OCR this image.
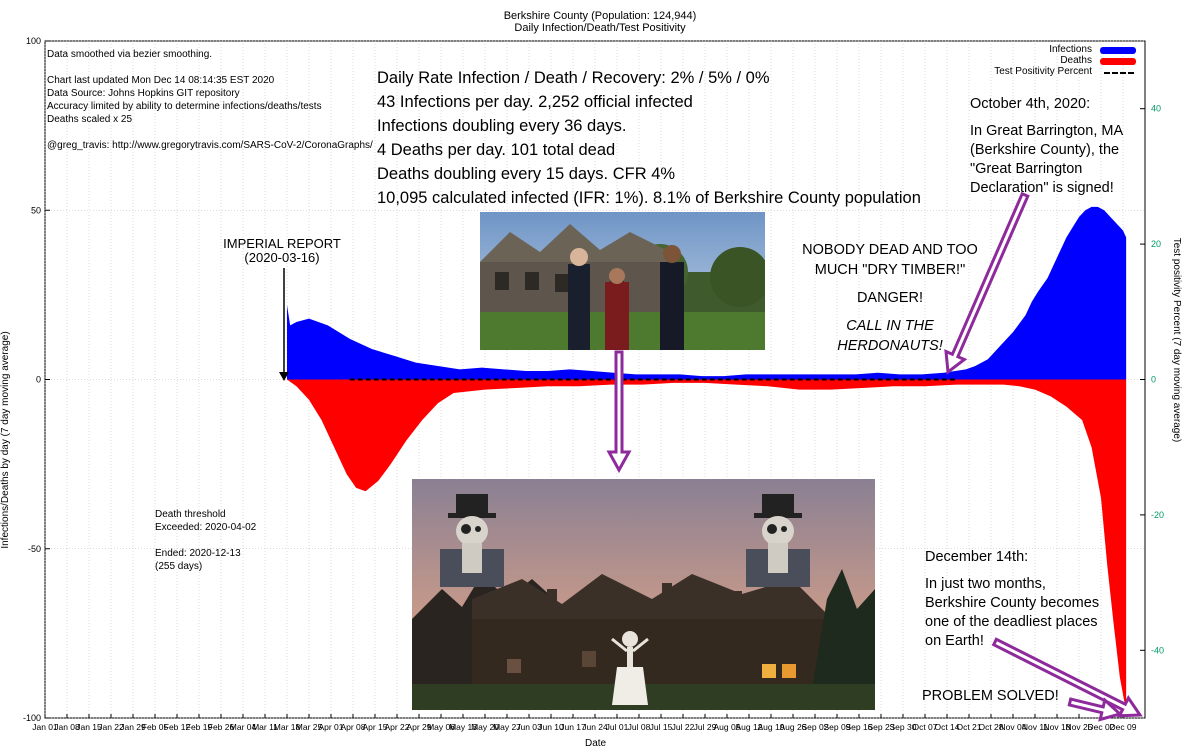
-100
-50
0
50
100
-40
-20
0
20
40
Jan 01
Jan 08
Jan 15
Jan 22
Jan 29
Feb 05
Feb 12
Feb 19
Feb 26
Mar 04
Mar 11
Mar 18
Mar 25
Apr 01
Apr 08
Apr 15
Apr 22
Apr 29
May 06
May 13
May 20
May 27
Jun 03
Jun 10
Jun 17
Jun 24
Jul 01 Jul 08 Jul 15 Jul 22 Jul 29
Aug 05
Aug 12
Aug 19
Aug 26
Sep 02
Sep 09
Sep 16
Sep 23
Sep 30
Oct 07
Oct 14
Oct 21
Oct 28
Nov 04
Nov 11
Nov 18
Nov 25
Dec 02
Dec 09
Berkshire County (Population: 124,944)
Daily Infection/Death/Test Positivity
Infections/Deaths by day (7 day moving average)	Test positivity Percent (7 day moving average)
Date
Data smoothed via bezier smoothing.
Chart last updated Mon Dec 14 08:14:35 EST 2020
Data Source: Johns Hopkins GIT repository
Accuracy limited by ability to determine infections/deaths/tests
Deaths scaled x 25
@greg_travis: http://www.gregorytravis.com/SARS-CoV-2/CoronaGraphs/
Daily Rate Infection / Death / Recovery: 2% / 5% / 0%
43 Infections per day. 2,252 official infected
Infections doubling every 36 days.
4 Deaths per day. 101 total dead
Deaths doubling every 15 days. CFR 4%
10,095 calculated infected (IFR: 1%). 8.1% of Berkshire County population
Infections
Deaths
Test Positivity Percent
IMPERIAL REPORT
(2020-03-16)
Death threshold
Exceeded: 2020-04-02
Ended: 2020-12-13
(255 days)
October 4th, 2020:
In Great Barrington, MA
(Berkshire County), the
"Great Barrington
Declaration" is signed!
NOBODY DEAD AND TOO
MUCH "DRY TIMBER!"
DANGER!
CALL IN THE
HERDONAUTS!
December 14th:
In just two months,
Berkshire County becomes
one of the deadliest places
on Earth!
PROBLEM SOLVED!
